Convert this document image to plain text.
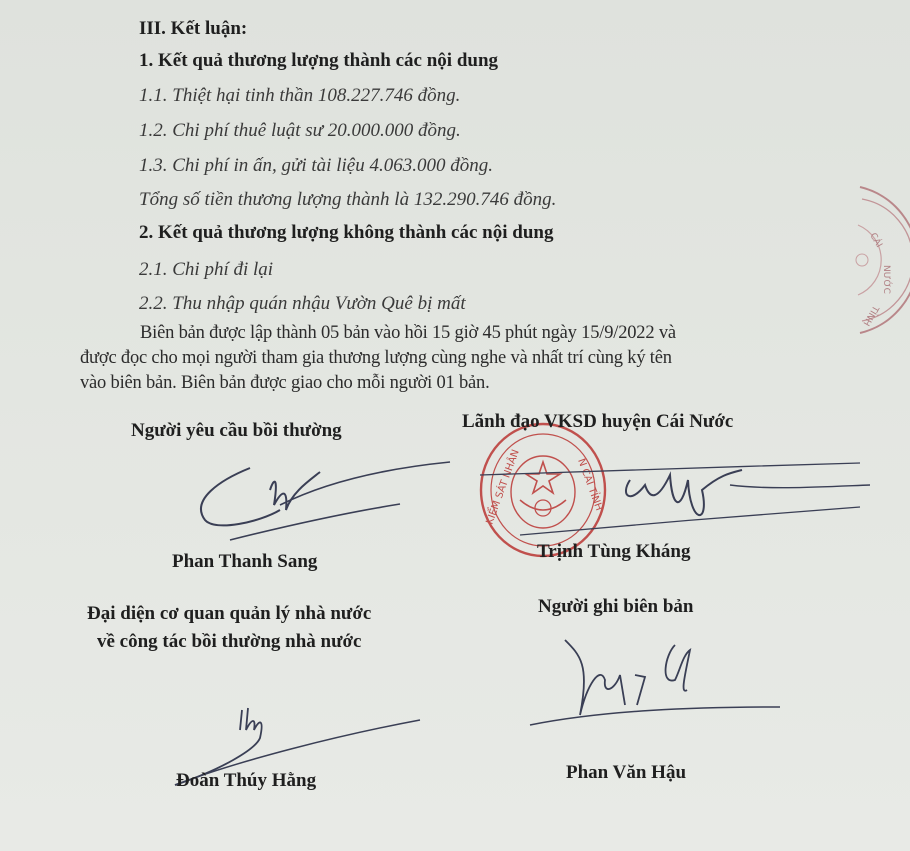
III. Kết luận:
1. Kết quả thương lượng thành các nội dung
1.1. Thiệt hại tinh thần 108.227.746 đồng.
1.2. Chi phí thuê luật sư 20.000.000 đồng.
1.3. Chi phí in ấn, gửi tài liệu 4.063.000 đồng.
Tổng số tiền thương lượng thành là 132.290.746 đồng.
2. Kết quả thương lượng không thành các nội dung
2.1. Chi phí đi lại
2.2. Thu nhập quán nhậu Vườn Quê bị mất
Biên bản được lập thành 05 bản vào hồi 15 giờ 45 phút ngày 15/9/2022 và
được đọc cho mọi người tham gia thương lượng cùng nghe và nhất trí cùng ký tên
vào biên bản. Biên bản được giao cho mỗi người 01 bản.
CÁI
NƯỚC
TỈNH
Người yêu cầu bồi thường
Phan Thanh Sang
KIỂM SÁT NHÂN	N CÁI TỈNH
Lãnh đạo VKSD huyện Cái Nước
Trịnh Tùng Kháng
Đại diện cơ quan quản lý nhà nước
về công tác bồi thường nhà nước
Đoàn Thúy Hằng
Người ghi biên bản
Phan Văn Hậu
